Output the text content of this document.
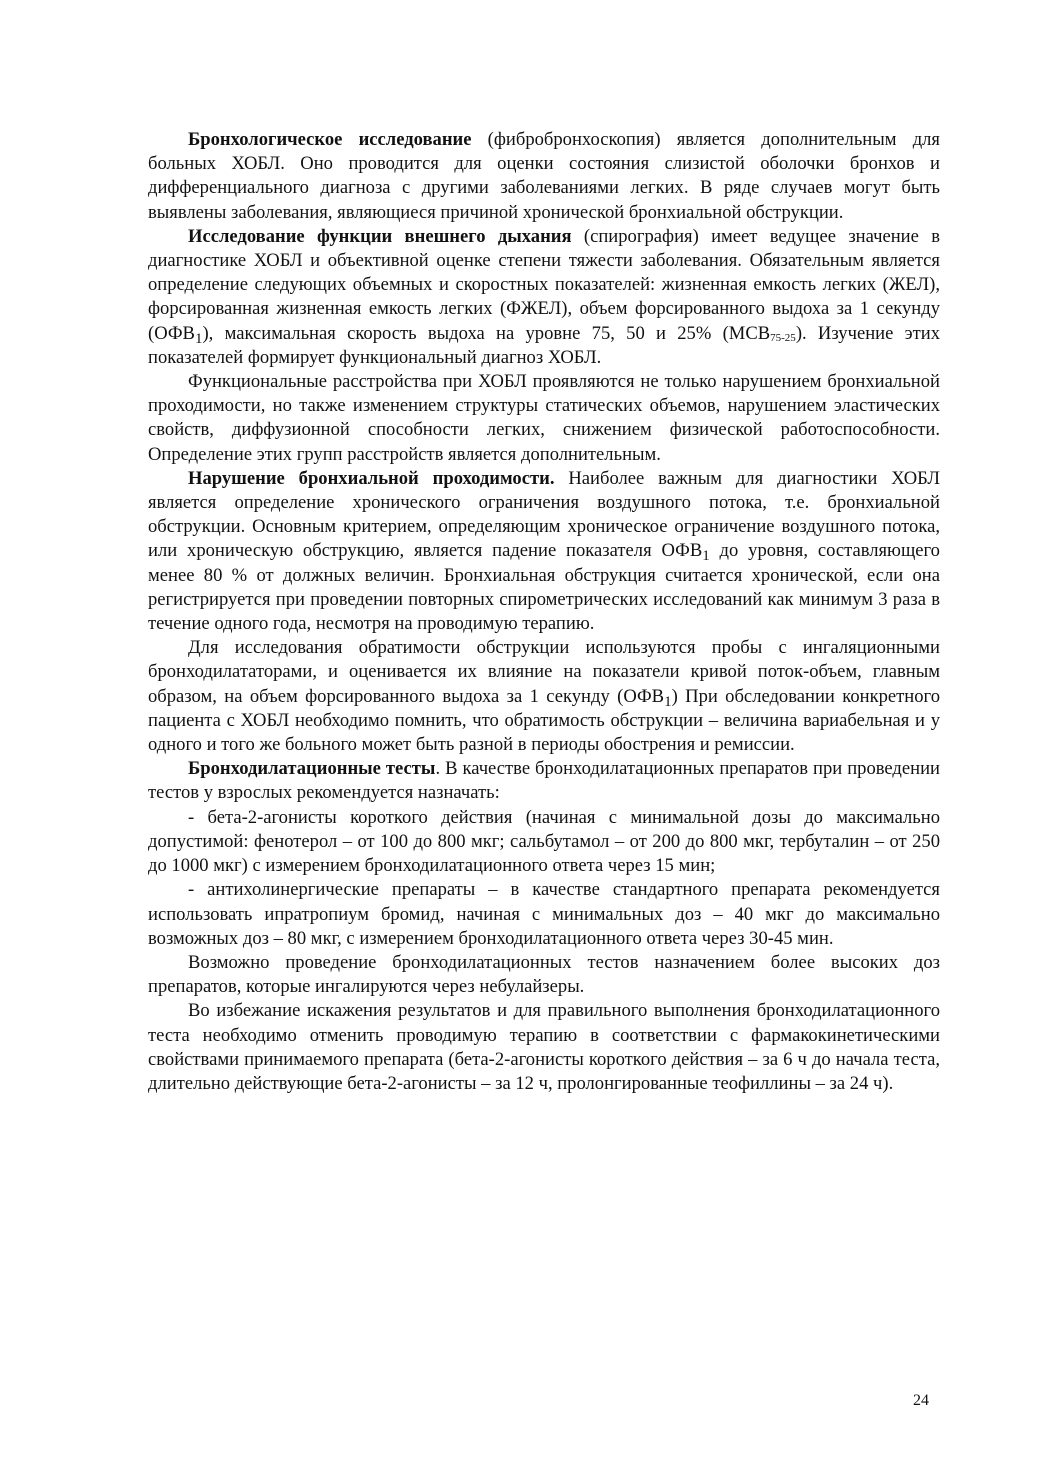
Бронхологическое исследование (фибробронхоскопия) является дополнительным для больных ХОБЛ. Оно проводится для оценки состояния слизистой оболочки бронхов и дифференциального диагноза с другими заболеваниями легких. В ряде случаев могут быть выявлены заболевания, являющиеся причиной хронической бронхиальной обструкции.

Исследование функции внешнего дыхания (спирография) имеет ведущее значение в диагностике ХОБЛ и объективной оценке степени тяжести заболевания. Обязательным является определение следующих объемных и скоростных показателей: жизненная емкость легких (ЖЕЛ), форсированная жизненная емкость легких (ФЖЕЛ), объем форсированного выдоха за 1 секунду $(ОФВ_1)$, максимальная скорость выдоха на уровне 75, 50 и 25% $(МСВ_{75-25})$. Изучение этих показателей формирует функциональный диагноз ХОБЛ.

Функциональные расстройства при ХОБЛ проявляются не только нарушением бронхиальной проходимости, но также изменением структуры статических объемов, нарушением эластических свойств, диффузионной способности легких, снижением физической работоспособности. Определение этих групп расстройств является дополнительным.

Нарушение бронхиальной проходимости. Наиболее важным для диагностики ХОБЛ является определение хронического ограничения воздушного потока, т.е. бронхиальной обструкции. Основным критерием, определяющим хроническое ограничение воздушного потока, или хроническую обструкцию, является падение показателя $ОФВ_1$ до уровня, составляющего менее 80 % от должных величин. Бронхиальная обструкция считается хронической, если она регистрируется при проведении повторных спирометрических исследований как минимум 3 раза в течение одного года, несмотря на проводимую терапию.

Для исследования обратимости обструкции используются пробы с ингаляционными бронходилататорами, и оценивается их влияние на показатели кривой поток-объем, главным образом, на объем форсированного выдоха за 1 секунду $(ОФВ_1)$ При обследовании конкретного пациента с ХОБЛ необходимо помнить, что обратимость обструкции – величина вариабельная и у одного и того же больного может быть разной в периоды обострения и ремиссии.

Бронходилатационные тесты. В качестве бронходилатационных препаратов при проведении тестов у взрослых рекомендуется назначать:

- бета-2-агонисты короткого действия (начиная с минимальной дозы до максимально допустимой: фенотерол – от 100 до 800 мкг; сальбутамол – от 200 до 800 мкг, тербуталин – от 250 до 1000 мкг) с измерением бронходилатационного ответа через 15 мин;

- антихолинергические препараты – в качестве стандартного препарата рекомендуется использовать ипратропиум бромид, начиная с минимальных доз – 40 мкг до максимально возможных доз – 80 мкг, с измерением бронходилатационного ответа через 30-45 мин.

Возможно проведение бронходилатационных тестов назначением более высоких доз препаратов, которые ингалируются через небулайзеры.

Во избежание искажения результатов и для правильного выполнения бронходилатационного теста необходимо отменить проводимую терапию в соответствии с фармакокинетическими свойствами принимаемого препарата (бета-2-агонисты короткого действия – за 6 ч до начала теста, длительно действующие бета-2-агонисты – за 12 ч, пролонгированные теофиллины – за 24 ч).

24
